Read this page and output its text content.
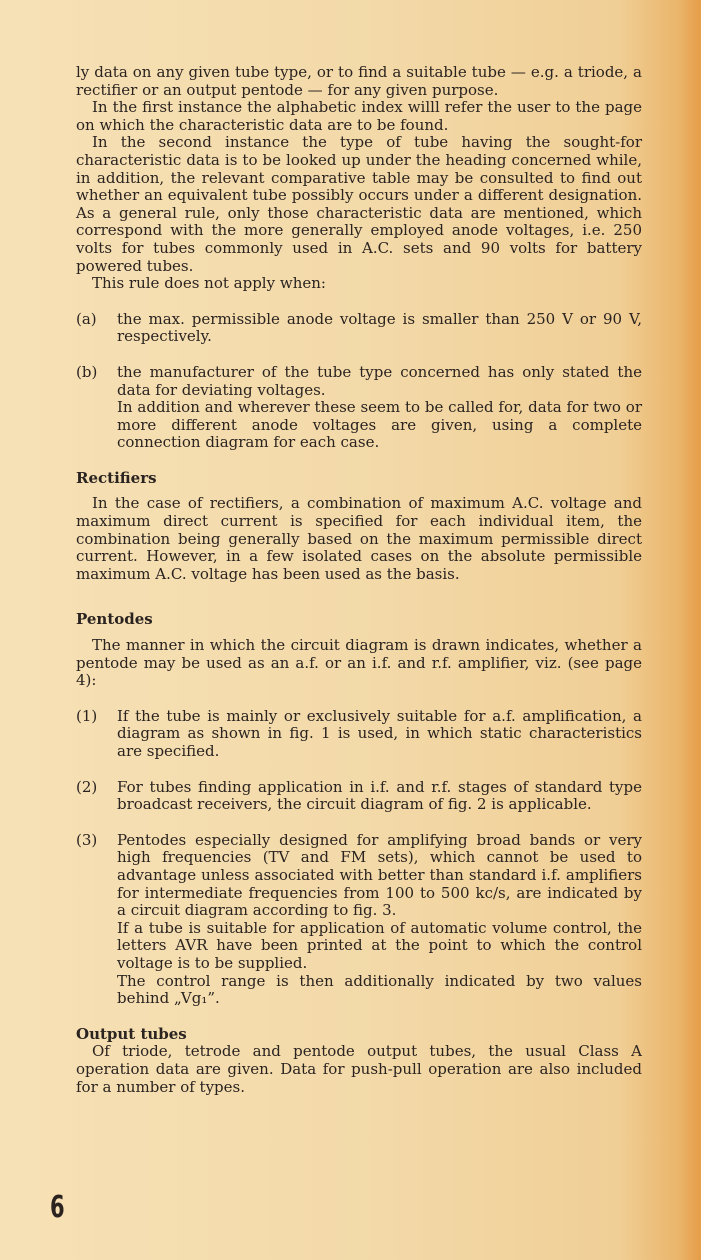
ly data on any given tube type, or to find a suitable tube — e.g. a triode, a rectifier or an output pentode — for any given purpose.

In the first instance the alphabetic index willl refer the user to the page on which the characteristic data are to be found.

In the second instance the type of tube having the sought-for characteristic data is to be looked up under the heading concerned while, in addition, the relevant comparative table may be consulted to find out whether an equivalent tube possibly occurs under a different designation. As a general rule, only those characteristic data are mentioned, which correspond with the more generally employed anode voltages, i.e. 250 volts for tubes commonly used in A.C. sets and 90 volts for battery powered tubes.

This rule does not apply when:

(a)	the max. permissible anode voltage is smaller than 250 V or 90 V, respectively.

(b)	the manufacturer of the tube type concerned has only stated the data for deviating voltages.

In addition and wherever these seem to be called for, data for two or more different anode voltages are given, using a complete connection diagram for each case.

Rectifiers

In the case of rectifiers, a combination of maximum A.C. voltage and maximum direct current is specified for each individual item, the combination being generally based on the maximum permissible direct current. However, in a few isolated cases on the absolute permissible maximum A.C. voltage has been used as the basis.

Pentodes

The manner in which the circuit diagram is drawn indicates, whether a pentode may be used as an a.f. or an i.f. and r.f. amplifier, viz. (see page 4):

(1)	If the tube is mainly or exclusively suitable for a.f. amplification, a diagram as shown in fig. 1 is used, in which static characteristics are specified.

(2)	For tubes finding application in i.f. and r.f. stages of standard type broadcast receivers, the circuit diagram of fig. 2 is applicable.

(3)	Pentodes especially designed for amplifying broad bands or very high frequencies (TV and FM sets), which cannot be used to advantage unless associated with better than standard i.f. amplifiers for intermediate frequencies from 100 to 500 kc/s, are indicated by a circuit diagram according to fig. 3.

If a tube is suitable for application of automatic volume control, the letters AVR have been printed at the point to which the control voltage is to be supplied.

The control range is then additionally indicated by two values behind „Vg₁”.

Output tubes

Of triode, tetrode and pentode output tubes, the usual Class A operation data are given. Data for push-pull operation are also included for a number of types.

6
